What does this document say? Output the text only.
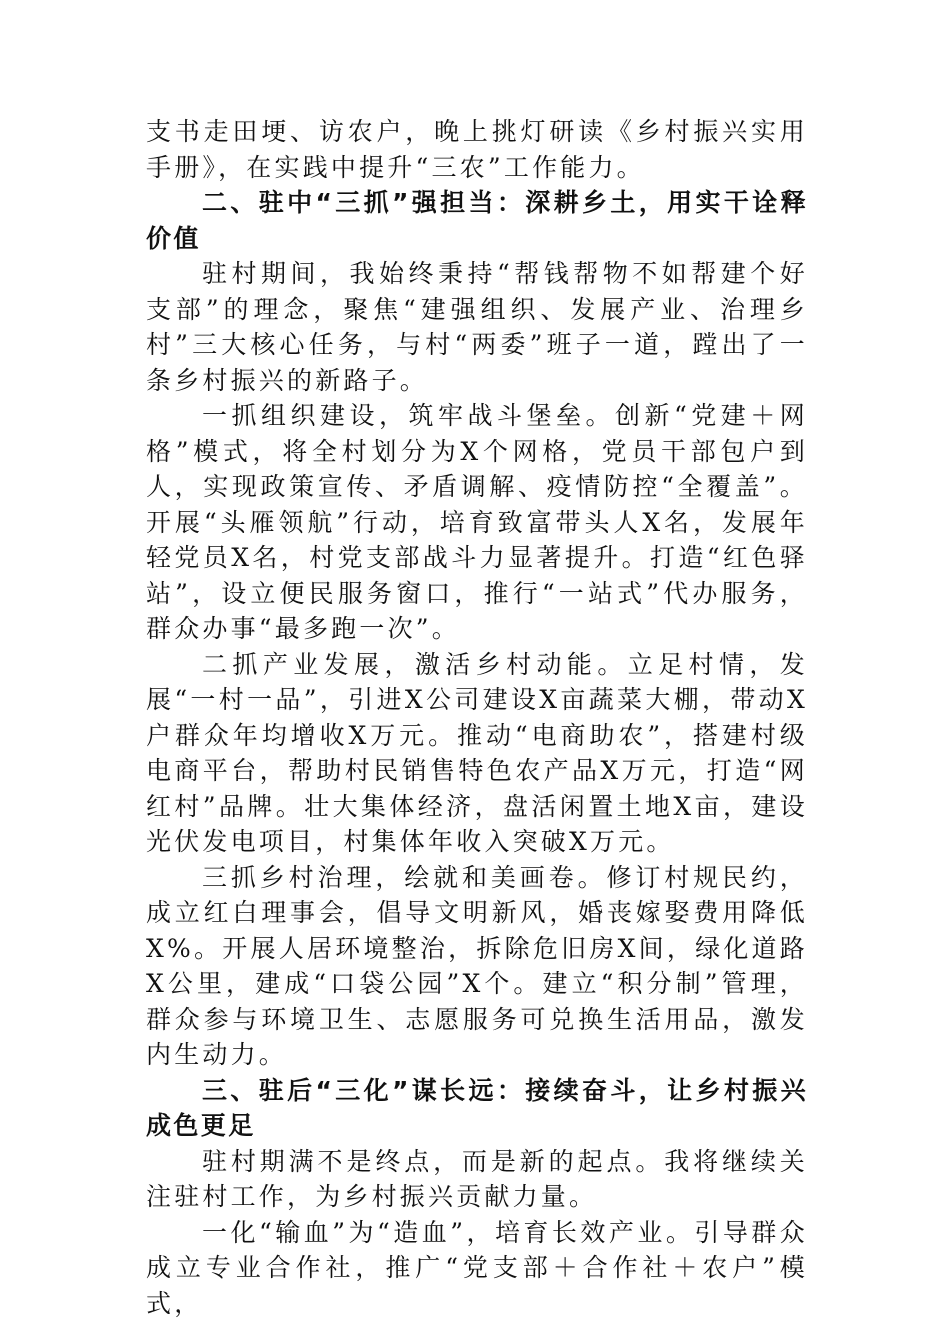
支书走田埂、访农户，晚上挑灯研读《乡村振兴实用手册》，在实践中提升“三农”工作能力。

二、驻中“三抓”强担当：深耕乡土，用实干诠释价值

驻村期间，我始终秉持“帮钱帮物不如帮建个好支部”的理念，聚焦“建强组织、发展产业、治理乡村”三大核心任务，与村“两委”班子一道，蹚出了一条乡村振兴的新路子。

一抓组织建设，筑牢战斗堡垒。创新“党建＋网格”模式，将全村划分为X个网格，党员干部包户到人，实现政策宣传、矛盾调解、疫情防控“全覆盖”。开展“头雁领航”行动，培育致富带头人X名，发展年轻党员X名，村党支部战斗力显著提升。打造“红色驿站”，设立便民服务窗口，推行“一站式”代办服务，群众办事“最多跑一次”。

二抓产业发展，激活乡村动能。立足村情，发展“一村一品”，引进X公司建设X亩蔬菜大棚，带动X户群众年均增收X万元。推动“电商助农”，搭建村级电商平台，帮助村民销售特色农产品X万元，打造“网红村”品牌。壮大集体经济，盘活闲置土地X亩，建设光伏发电项目，村集体年收入突破X万元。

三抓乡村治理，绘就和美画卷。修订村规民约，成立红白理事会，倡导文明新风，婚丧嫁娶费用降低X%。开展人居环境整治，拆除危旧房X间，绿化道路X公里，建成“口袋公园”X个。建立“积分制”管理，群众参与环境卫生、志愿服务可兑换生活用品，激发内生动力。

三、驻后“三化”谋长远：接续奋斗，让乡村振兴成色更足

驻村期满不是终点，而是新的起点。我将继续关注驻村工作，为乡村振兴贡献力量。

一化“输血”为“造血”，培育长效产业。引导群众成立专业合作社，推广“党支部＋合作社＋农户”模式，
